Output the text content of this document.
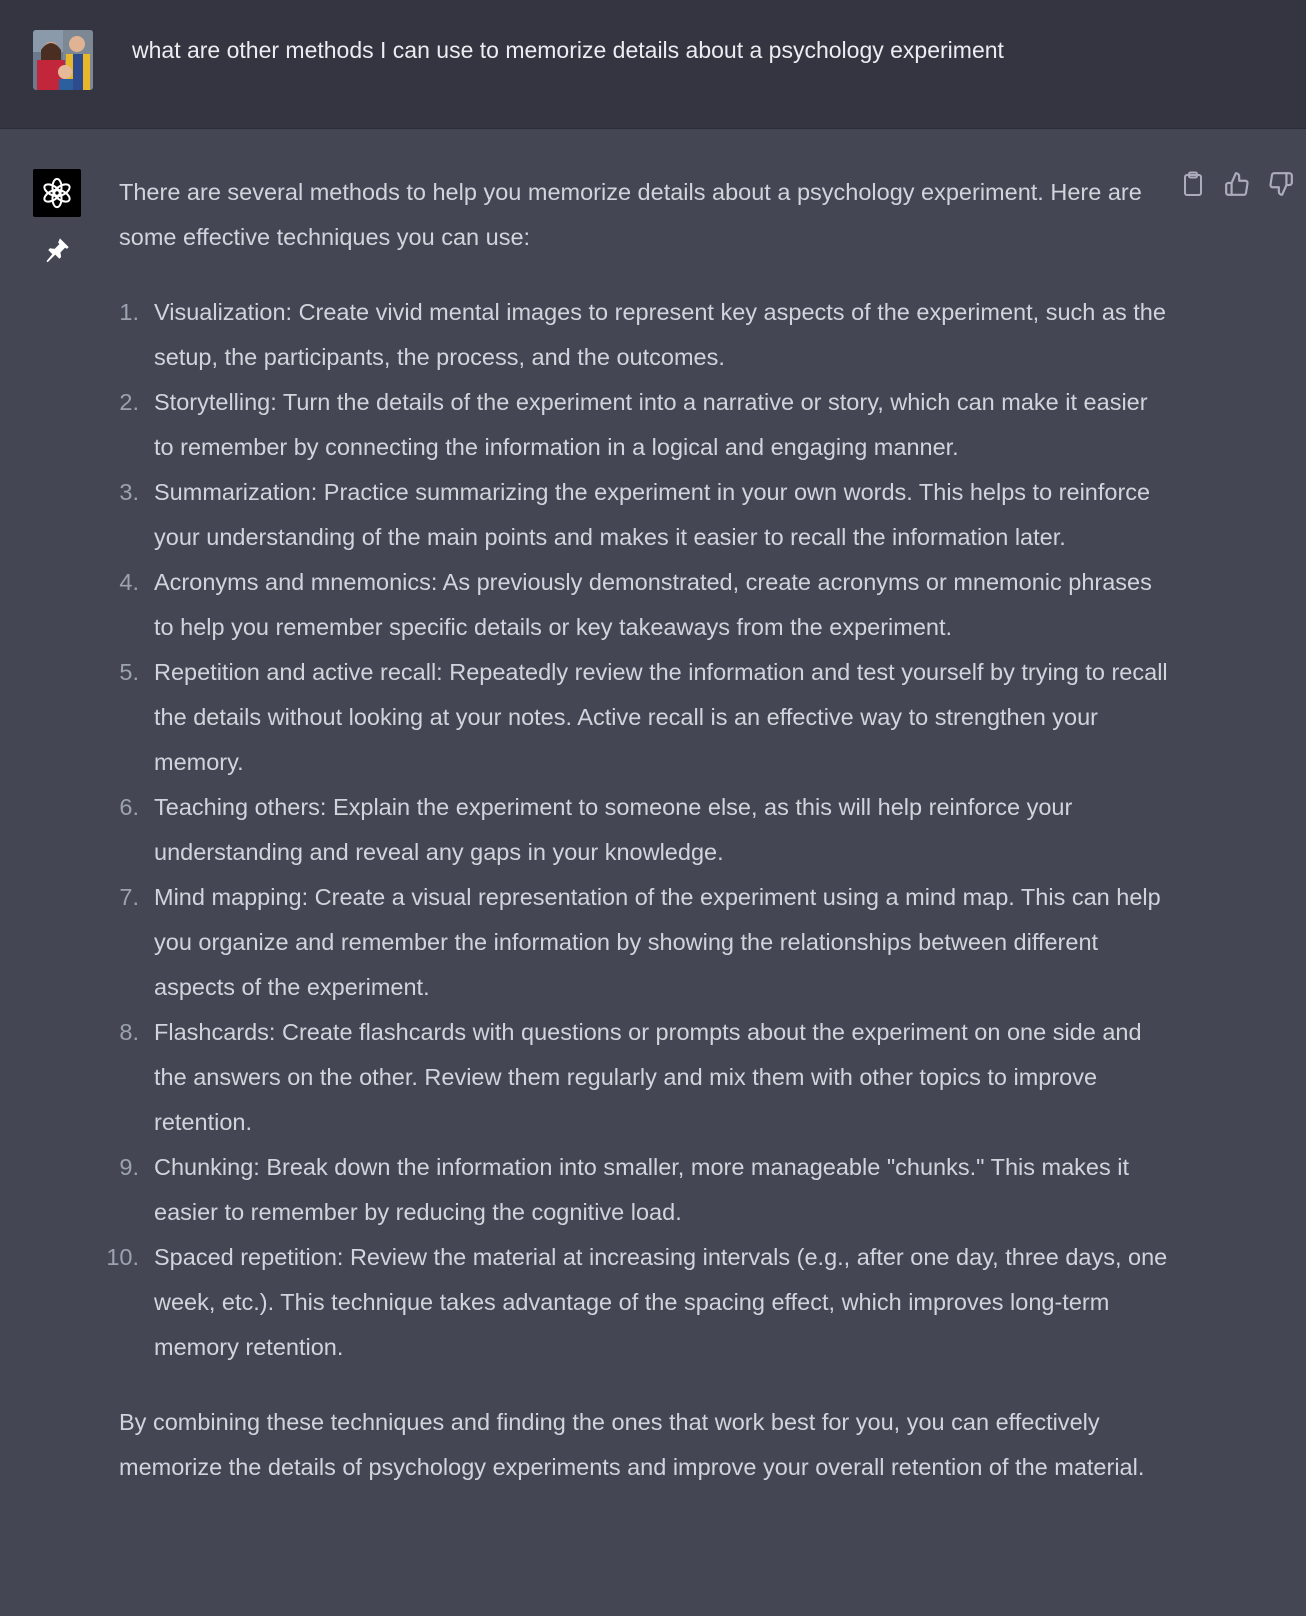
what are other methods I can use to memorize details about a psychology experiment

There are several methods to help you memorize details about a psychology experiment. Here are some effective techniques you can use:

1. Visualization: Create vivid mental images to represent key aspects of the experiment, such as the setup, the participants, the process, and the outcomes.
2. Storytelling: Turn the details of the experiment into a narrative or story, which can make it easier to remember by connecting the information in a logical and engaging manner.
3. Summarization: Practice summarizing the experiment in your own words. This helps to reinforce your understanding of the main points and makes it easier to recall the information later.
4. Acronyms and mnemonics: As previously demonstrated, create acronyms or mnemonic phrases to help you remember specific details or key takeaways from the experiment.
5. Repetition and active recall: Repeatedly review the information and test yourself by trying to recall the details without looking at your notes. Active recall is an effective way to strengthen your memory.
6. Teaching others: Explain the experiment to someone else, as this will help reinforce your understanding and reveal any gaps in your knowledge.
7. Mind mapping: Create a visual representation of the experiment using a mind map. This can help you organize and remember the information by showing the relationships between different aspects of the experiment.
8. Flashcards: Create flashcards with questions or prompts about the experiment on one side and the answers on the other. Review them regularly and mix them with other topics to improve retention.
9. Chunking: Break down the information into smaller, more manageable "chunks." This makes it easier to remember by reducing the cognitive load.
10. Spaced repetition: Review the material at increasing intervals (e.g., after one day, three days, one week, etc.). This technique takes advantage of the spacing effect, which improves long-term memory retention.

By combining these techniques and finding the ones that work best for you, you can effectively memorize the details of psychology experiments and improve your overall retention of the material.
